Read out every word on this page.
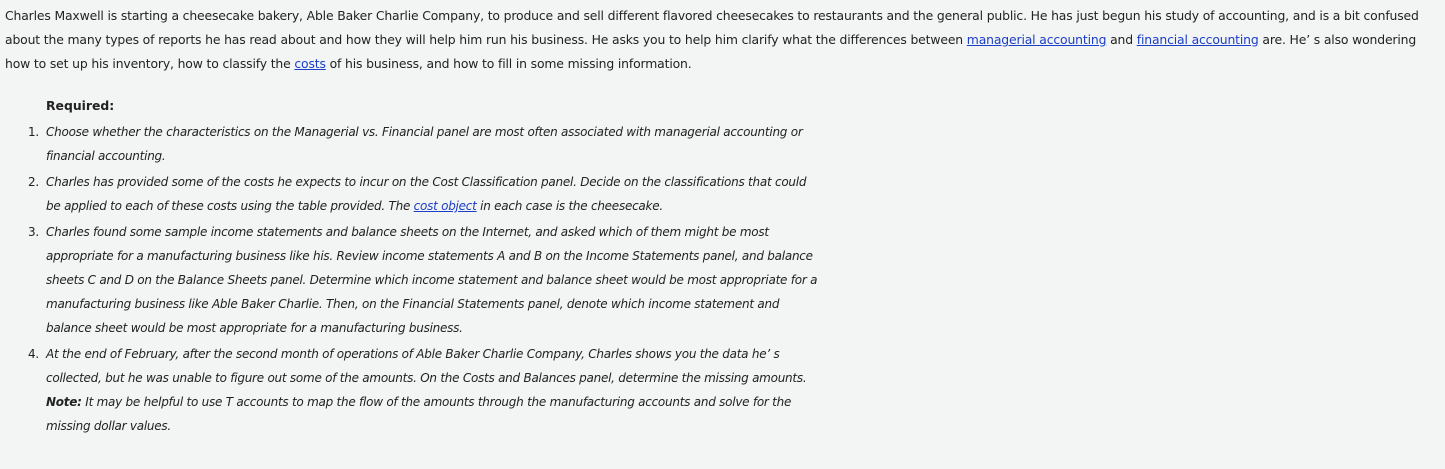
Charles Maxwell is starting a cheesecake bakery, Able Baker Charlie Company, to produce and sell different flavored cheesecakes to restaurants and the general public. He has just begun his study of accounting, and is a bit confused about the many types of reports he has read about and how they will help him run his business. He asks you to help him clarify what the differences between managerial accounting and financial accounting are. He’ s also wondering how to set up his inventory, how to classify the costs of his business, and how to fill in some missing information.
Required:
1. Choose whether the characteristics on the Managerial vs. Financial panel are most often associated with managerial accounting or financial accounting.
2. Charles has provided some of the costs he expects to incur on the Cost Classification panel. Decide on the classifications that could be applied to each of these costs using the table provided. The cost object in each case is the cheesecake.
3. Charles found some sample income statements and balance sheets on the Internet, and asked which of them might be most appropriate for a manufacturing business like his. Review income statements A and B on the Income Statements panel, and balance sheets C and D on the Balance Sheets panel. Determine which income statement and balance sheet would be most appropriate for a manufacturing business like Able Baker Charlie. Then, on the Financial Statements panel, denote which income statement and balance sheet would be most appropriate for a manufacturing business.
4. At the end of February, after the second month of operations of Able Baker Charlie Company, Charles shows you the data he’ s collected, but he was unable to figure out some of the amounts. On the Costs and Balances panel, determine the missing amounts.
Note: It may be helpful to use T accounts to map the flow of the amounts through the manufacturing accounts and solve for the missing dollar values.
